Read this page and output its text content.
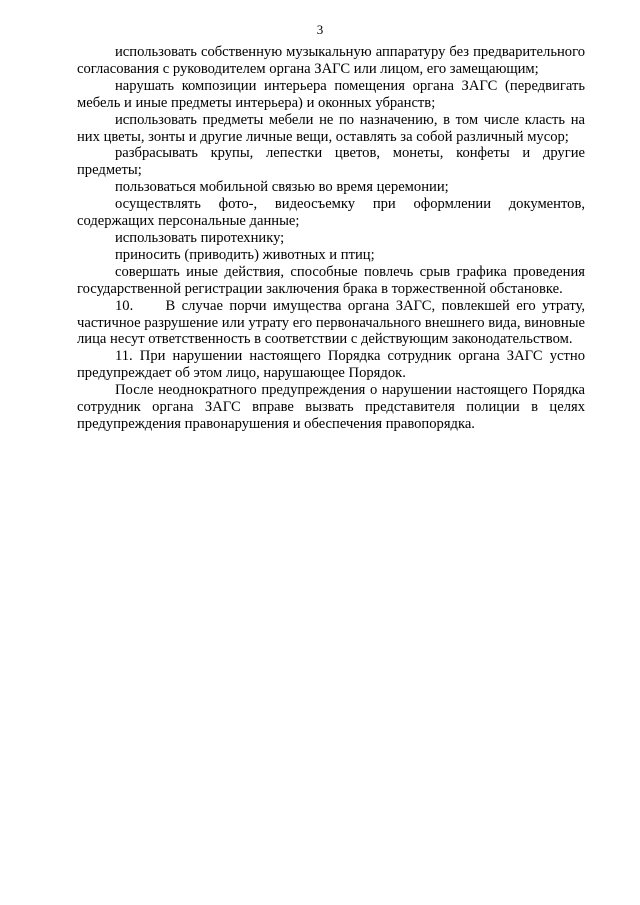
3

использовать собственную музыкальную аппаратуру без предварительного согласования с руководителем органа ЗАГС или лицом, его замещающим;

нарушать композиции интерьера помещения органа ЗАГС (передвигать мебель и иные предметы интерьера) и оконных убранств;

использовать предметы мебели не по назначению, в том числе класть на них цветы, зонты и другие личные вещи, оставлять за собой различный мусор;

разбрасывать крупы, лепестки цветов, монеты, конфеты и другие предметы;

пользоваться мобильной связью во время церемонии;

осуществлять фото-, видеосъемку при оформлении документов, содержащих персональные данные;

использовать пиротехнику;

приносить (приводить) животных и птиц;

совершать иные действия, способные повлечь срыв графика проведения государственной регистрации заключения брака в торжественной обстановке.

10.     В случае порчи имущества органа ЗАГС, повлекшей его утрату, частичное разрушение или утрату его первоначального внешнего вида, виновные лица несут ответственность в соответствии с действующим законодательством.

11. При нарушении настоящего Порядка сотрудник органа ЗАГС устно предупреждает об этом лицо, нарушающее Порядок.

После неоднократного предупреждения о нарушении настоящего Порядка сотрудник органа ЗАГС вправе вызвать представителя полиции в целях предупреждения правонарушения и обеспечения правопорядка.
